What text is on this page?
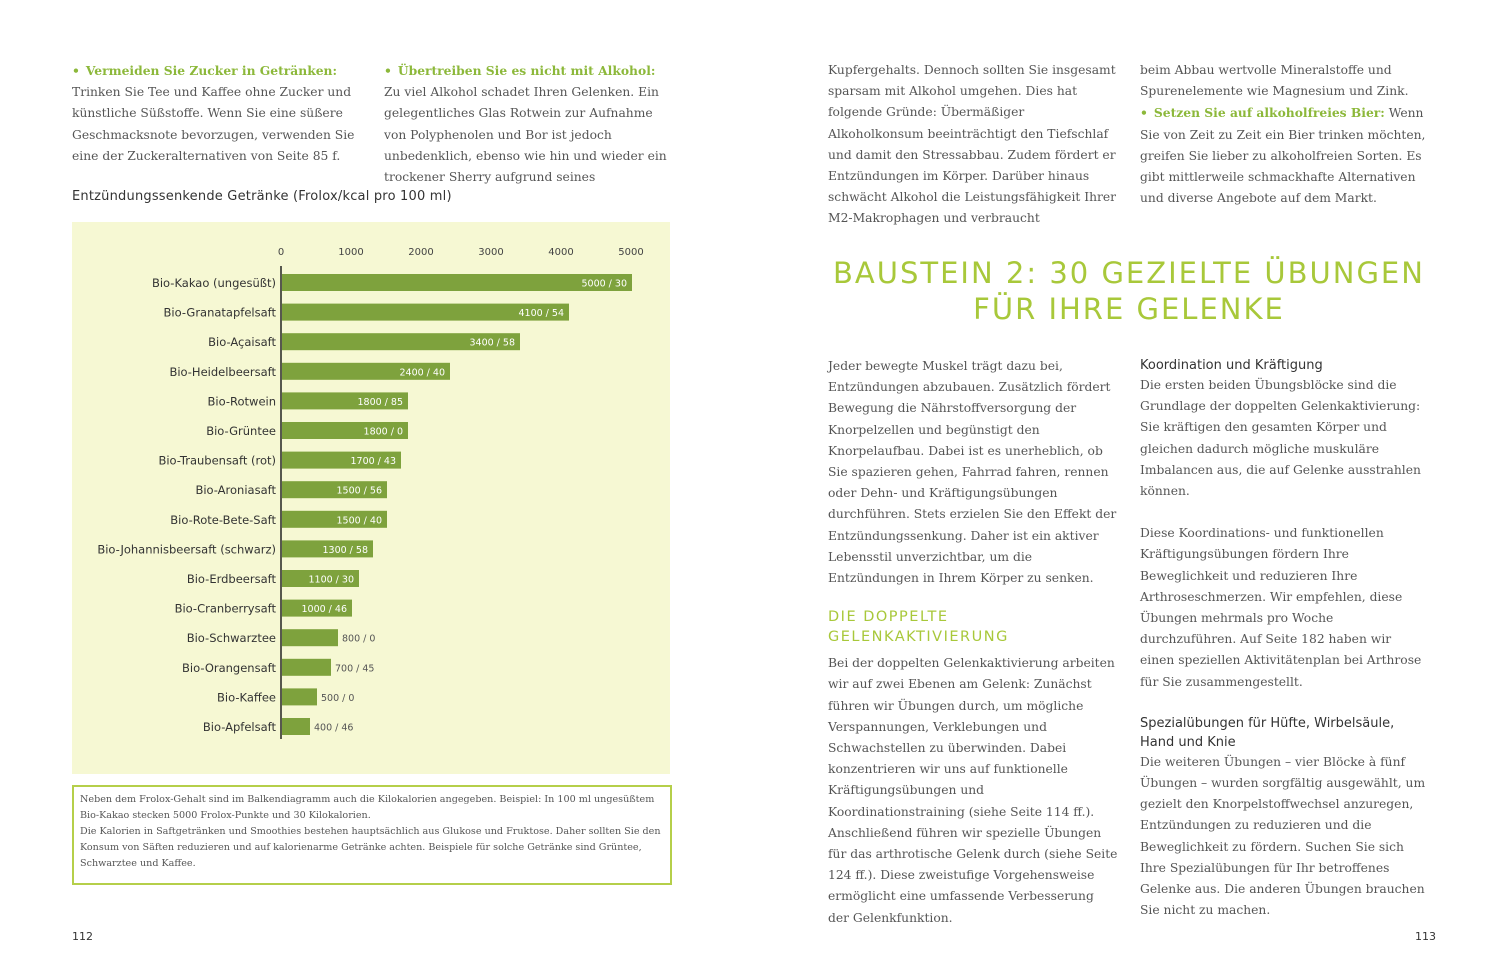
• Vermeiden Sie Zucker in Getränken: Trinken Sie Tee und Kaffee ohne Zucker und künstliche Süßstoffe. Wenn Sie eine süßere Geschmacksnote bevorzugen, verwenden Sie eine der Zuckeralternativen von Seite 85 f.

• Übertreiben Sie es nicht mit Alkohol: Zu viel Alkohol schadet Ihren Gelenken. Ein gelegentliches Glas Rotwein zur Aufnahme von Polyphenolen und Bor ist jedoch unbedenklich, ebenso wie hin und wieder ein trockener Sherry aufgrund seines

Entzündungssenkende Getränke (Frolox/kcal pro 100 ml)
0	1000	2000	3000	4000	5000
Bio-Kakao (ungesüßt)	5000 / 30
Bio-Granatapfelsaft	4100 / 54
Bio-Açaisaft	3400 / 58
Bio-Heidelbeersaft	2400 / 40
Bio-Rotwein	1800 / 85
Bio-Grüntee	1800 / 0
Bio-Traubensaft (rot)	1700 / 43
Bio-Aroniasaft	1500 / 56
Bio-Rote-Bete-Saft	1500 / 40
Bio-Johannisbeersaft (schwarz)	1300 / 58
Bio-Erdbeersaft	1100 / 30
Bio-Cranberrysaft	1000 / 46
Bio-Schwarztee	800 / 0
Bio-Orangensaft	700 / 45
Bio-Kaffee	500 / 0
Bio-Apfelsaft	400 / 46

Neben dem Frolox-Gehalt sind im Balkendiagramm auch die Kilokalorien angegeben. Beispiel: In 100 ml ungesüßtem Bio-Kakao stecken 5000 Frolox-Punkte und 30 Kilokalorien.

Die Kalorien in Saftgetränken und Smoothies bestehen hauptsächlich aus Glukose und Fruktose. Daher sollten Sie den Konsum von Säften reduzieren und auf kalorienarme Getränke achten. Beispiele für solche Getränke sind Grüntee, Schwarztee und Kaffee.

112

Kupfergehalts. Dennoch sollten Sie insgesamt sparsam mit Alkohol umgehen. Dies hat folgende Gründe: Übermäßiger Alkoholkonsum beeinträchtigt den Tiefschlaf und damit den Stressabbau. Zudem fördert er Entzündungen im Körper. Darüber hinaus schwächt Alkohol die Leistungsfähigkeit Ihrer M2-Makrophagen und verbraucht

beim Abbau wertvolle Mineralstoffe und Spurenelemente wie Magnesium und Zink.

• Setzen Sie auf alkoholfreies Bier: Wenn Sie von Zeit zu Zeit ein Bier trinken möchten, greifen Sie lieber zu alkoholfreien Sorten. Es gibt mittlerweile schmackhafte Alternativen und diverse Angebote auf dem Markt.

BAUSTEIN 2: 30 GEZIELTE ÜBUNGEN
FÜR IHRE GELENKE

Jeder bewegte Muskel trägt dazu bei, Entzündungen abzubauen. Zusätzlich fördert Bewegung die Nährstoffversorgung der Knorpelzellen und begünstigt den Knorpelaufbau. Dabei ist es unerheblich, ob Sie spazieren gehen, Fahrrad fahren, rennen oder Dehn- und Kräftigungsübungen durchführen. Stets erzielen Sie den Effekt der Entzündungssenkung. Daher ist ein aktiver Lebensstil unverzichtbar, um die Entzündungen in Ihrem Körper zu senken.

DIE DOPPELTE
GELENKAKTIVIERUNG

Bei der doppelten Gelenkaktivierung arbeiten wir auf zwei Ebenen am Gelenk: Zunächst führen wir Übungen durch, um mögliche Verspannungen, Verklebungen und Schwachstellen zu überwinden. Dabei konzentrieren wir uns auf funktionelle Kräftigungsübungen und Koordinationstraining (siehe Seite 114 ff.). Anschließend führen wir spezielle Übungen für das arthrotische Gelenk durch (siehe Seite 124 ff.). Diese zweistufige Vorgehensweise ermöglicht eine umfassende Verbesserung der Gelenkfunktion.

Koordination und Kräftigung

Die ersten beiden Übungsblöcke sind die Grundlage der doppelten Gelenkaktivierung: Sie kräftigen den gesamten Körper und gleichen dadurch mögliche muskuläre Imbalancen aus, die auf Gelenke ausstrahlen können.

Diese Koordinations- und funktionellen Kräftigungsübungen fördern Ihre Beweglichkeit und reduzieren Ihre Arthroseschmerzen. Wir empfehlen, diese Übungen mehrmals pro Woche durchzuführen. Auf Seite 182 haben wir einen speziellen Aktivitätenplan bei Arthrose für Sie zusammengestellt.

Spezialübungen für Hüfte, Wirbelsäule,

Hand und Knie

Die weiteren Übungen – vier Blöcke à fünf Übungen – wurden sorgfältig ausgewählt, um gezielt den Knorpelstoffwechsel anzuregen, Entzündungen zu reduzieren und die Beweglichkeit zu fördern. Suchen Sie sich Ihre Spezialübungen für Ihr betroffenes Gelenke aus. Die anderen Übungen brauchen Sie nicht zu machen.

113
